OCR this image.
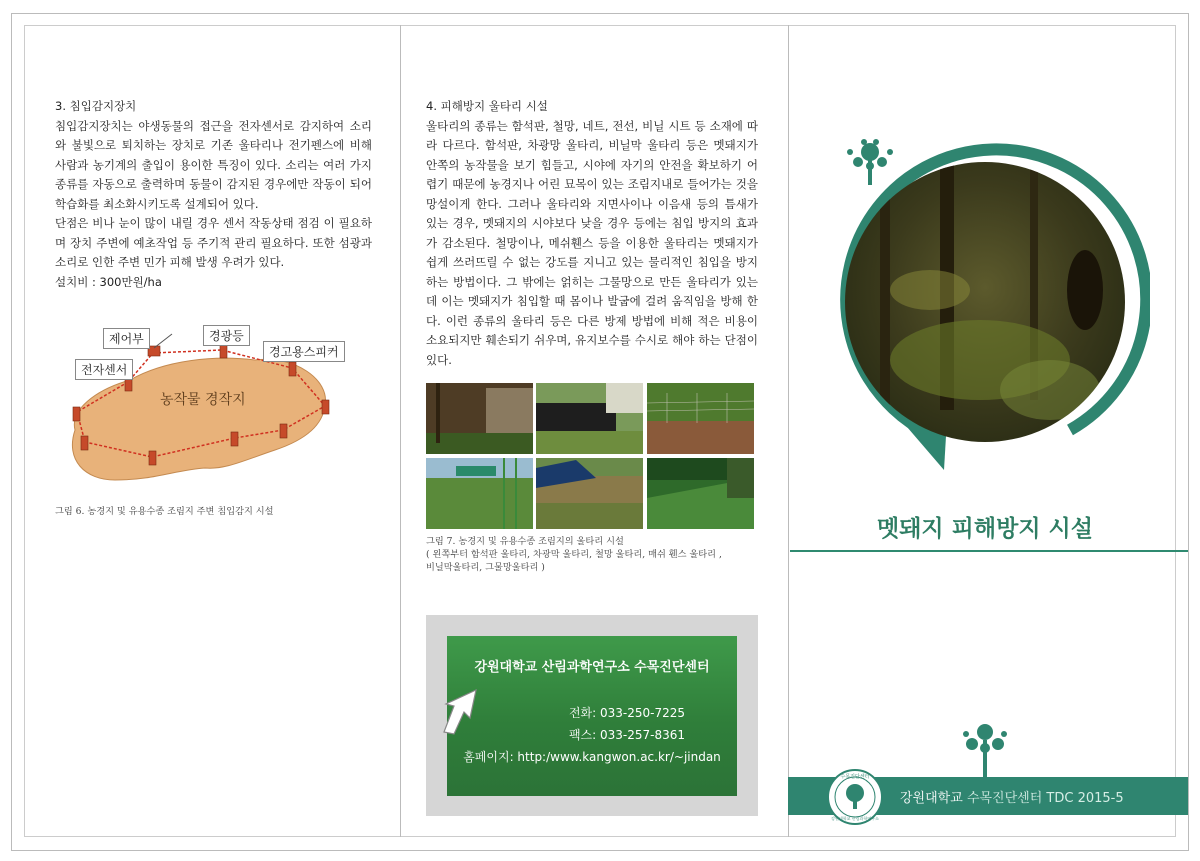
3. 침입감지장치

침입감지장치는 야생동물의 접근을 전자센서로 감지하여 소리와 불빛으로 퇴치하는 장치로 기존 울타리나 전기펜스에 비해 사람과 농기계의 출입이 용이한 특징이 있다. 소리는 여러 가지 종류를 자동으로 출력하며 동물이 감지된 경우에만 작동이 되어 학습화를 최소화시키도록 설계되어 있다.

단점은 비나 눈이 많이 내릴 경우 센서 작동상태 점검 이 필요하며 장치 주변에 예초작업 등 주기적 관리 필요하다. 또한 섬광과 소리로 인한 주변 민가 피해 발생 우려가 있다.

설치비 : 300만원/ha

제어부	경광등
경고용스피커
전자센서
농작물 경작지
그림 6. 농경지 및 유용수종 조림지 주변 침입감지 시설
4. 피해방지 울타리 시설

울타리의 종류는 함석판, 철망, 네트, 전선, 비닐 시트 등 소재에 따라 다르다. 함석판, 차광망 울타리, 비닐막 울타리 등은 멧돼지가 안쪽의 농작물을 보기 힘들고, 시야에 자기의 안전을 확보하기 어렵기 때문에 농경지나 어린 묘목이 있는 조림지내로 들어가는 것을 망설이게 한다. 그러나 울타리와 지면사이나 이음새 등의 틈새가 있는 경우, 멧돼지의 시야보다 낮을 경우 등에는 침입 방지의 효과가 감소된다. 철망이나, 메쉬휀스 등을 이용한 울타리는 멧돼지가 쉽게 쓰러뜨릴 수 없는 강도를 지니고 있는 물리적인 침입을 방지하는 방법이다. 그 밖에는 얽히는 그물망으로 만든 울타리가 있는데 이는 멧돼지가 침입할 때 몸이나 발굽에 걸려 움직임을 방해 한다. 이런 종류의 울타리 등은 다른 방제 방법에 비해 적은 비용이 소요되지만 훼손되기 쉬우며, 유지보수를 수시로 해야 하는 단점이 있다.

그림 7. 농경지 및 유용수종 조림지의 울타리 시설
( 왼쪽부터 함석판 울타리, 차광막 울타리, 철망 울타리, 매쉬 휀스 울타리 ,
비닐막울타리, 그물망울타리 )
강원대학교 산림과학연구소 수목진단센터
전화: 033-250-7225
팩스: 033-257-8361
홈페이지: http:/www.kangwon.ac.kr/~jindan
멧돼지 피해방지 시설
수목진단센터
강원대학교 산림과학연구소
강원대학교 수목진단센터 TDC 2015-5
